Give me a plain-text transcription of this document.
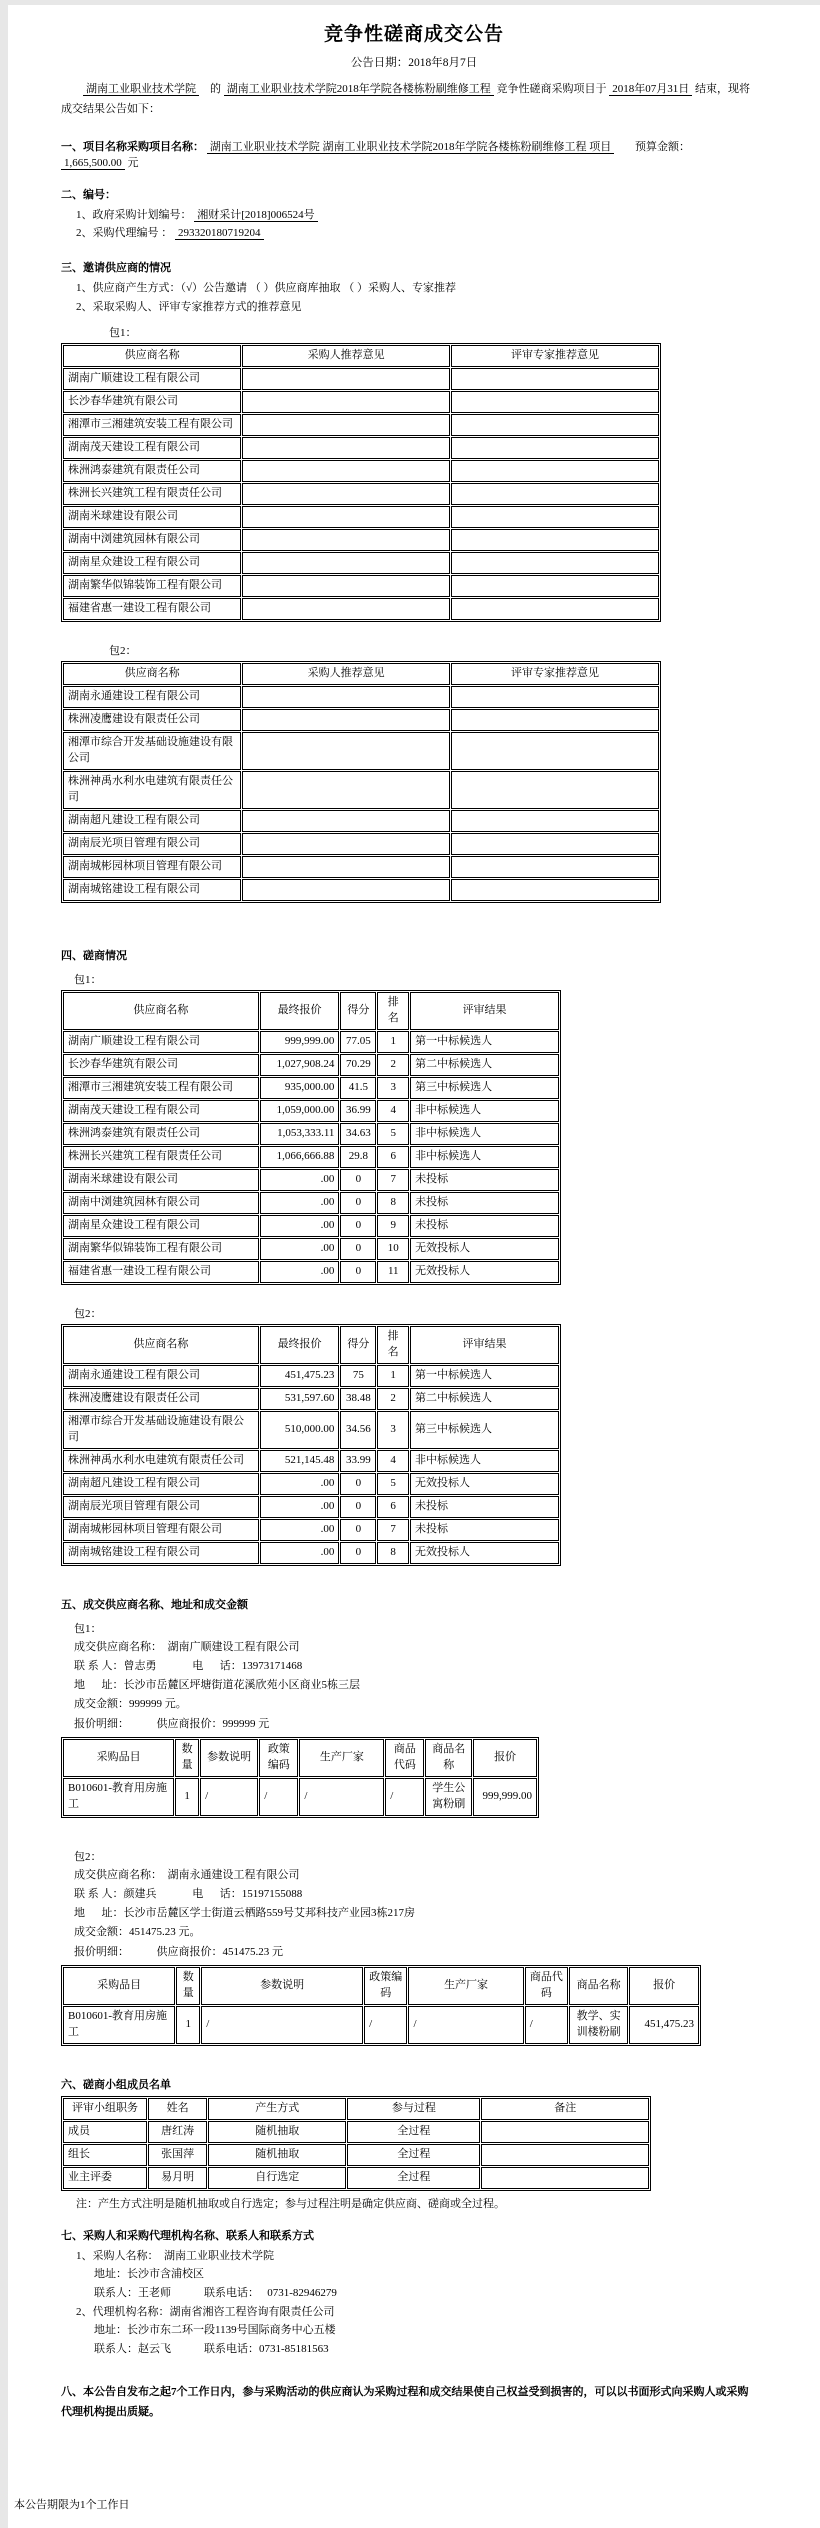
竞争性磋商成交公告
公告日期：2018年8月7日
湖南工业职业技术学院　的 湖南工业职业技术学院2018年学院各楼栋粉刷维修工程 竞争性磋商采购项目于 2018年07月31日 结束，现将成交结果公告如下：
一、项目名称采购项目名称： 湖南工业职业技术学院 湖南工业职业技术学院2018年学院各楼栋粉刷维修工程 项目 预算金额： 1,665,500.00 元
二、编号：
1、政府采购计划编号： 湘财采计[2018]006524号
2、采购代理编号 ： 293320180719204
三、邀请供应商的情况
1、供应商产生方式：（√）公告邀请 （ ）供应商库抽取 （ ）采购人、专家推荐
2、采取采购人、评审专家推荐方式的推荐意见
包1：
供应商名称	采购人推荐意见	评审专家推荐意见
湖南广顺建设工程有限公司		
长沙春华建筑有限公司		
湘潭市三湘建筑安装工程有限公司		
湖南茂天建设工程有限公司		
株洲鸿泰建筑有限责任公司		
株洲长兴建筑工程有限责任公司		
湖南米球建设有限公司		
湖南中浏建筑园林有限公司		
湖南星众建设工程有限公司		
湖南繁华似锦装饰工程有限公司		
福建省惠一建设工程有限公司		
包2：
供应商名称	采购人推荐意见	评审专家推荐意见
湖南永通建设工程有限公司		
株洲凌鹰建设有限责任公司		
湘潭市综合开发基础设施建设有限公司		
株洲神禹水利水电建筑有限责任公司		
湖南超凡建设工程有限公司		
湖南辰光项目管理有限公司		
湖南城彬园林项目管理有限公司		
湖南城铭建设工程有限公司		
四、磋商情况
包1：
供应商名称	最终报价	得分	排名	评审结果
湖南广顺建设工程有限公司	999,999.00	77.05	1	第一中标候选人
长沙春华建筑有限公司	1,027,908.24	70.29	2	第二中标候选人
湘潭市三湘建筑安装工程有限公司	935,000.00	41.5	3	第三中标候选人
湖南茂天建设工程有限公司	1,059,000.00	36.99	4	非中标候选人
株洲鸿泰建筑有限责任公司	1,053,333.11	34.63	5	非中标候选人
株洲长兴建筑工程有限责任公司	1,066,666.88	29.8	6	非中标候选人
湖南米球建设有限公司	.00	0	7	未投标
湖南中浏建筑园林有限公司	.00	0	8	未投标
湖南星众建设工程有限公司	.00	0	9	未投标
湖南繁华似锦装饰工程有限公司	.00	0	10	无效投标人
福建省惠一建设工程有限公司	.00	0	11	无效投标人
包2：
供应商名称	最终报价	得分	排名	评审结果
湖南永通建设工程有限公司	451,475.23	75	1	第一中标候选人
株洲凌鹰建设有限责任公司	531,597.60	38.48	2	第二中标候选人
湘潭市综合开发基础设施建设有限公司	510,000.00	34.56	3	第三中标候选人
株洲神禹水利水电建筑有限责任公司	521,145.48	33.99	4	非中标候选人
湖南超凡建设工程有限公司	.00	0	5	无效投标人
湖南辰光项目管理有限公司	.00	0	6	未投标
湖南城彬园林项目管理有限公司	.00	0	7	未投标
湖南城铭建设工程有限公司	.00	0	8	无效投标人
五、成交供应商名称、地址和成交金额
包1：
成交供应商名称：  湖南广顺建设工程有限公司
联 系 人：曾志勇             电      话：13973171468
地      址：长沙市岳麓区坪塘街道花溪欣苑小区商业5栋三层
成交金额：999999 元。
报价明细：          供应商报价：999999 元
采购品目	数量	参数说明	政策编码	生产厂家	商品代码	商品名称	报价
B010601-教育用房施工	1	/	/	/	/	学生公寓粉刷	999,999.00
包2：
成交供应商名称：  湖南永通建设工程有限公司
联 系 人：颜建兵             电      话：15197155088
地      址：长沙市岳麓区学士街道云栖路559号艾邦科技产业园3栋217房
成交金额：451475.23 元。
报价明细：          供应商报价：451475.23 元
采购品目	数量	参数说明	政策编码	生产厂家	商品代码	商品名称	报价
B010601-教育用房施工	1	/	/	/	/	教学、实训楼粉刷	451,475.23
六、磋商小组成员名单
评审小组职务	姓名	产生方式	参与过程	备注
成员	唐红涛	随机抽取	全过程	
组长	张国萍	随机抽取	全过程	
业主评委	易月明	自行选定	全过程	
注：产生方式注明是随机抽取或自行选定；参与过程注明是确定供应商、磋商或全过程。
七、采购人和采购代理机构名称、联系人和联系方式
1、采购人名称：  湖南工业职业技术学院
地址：长沙市含浦校区
联系人：王老师            联系电话：   0731-82946279
2、代理机构名称：湖南省湘咨工程咨询有限责任公司
地址：长沙市东二环一段1139号国际商务中心五楼
联系人：赵云飞            联系电话：0731-85181563
八、本公告自发布之起7个工作日内，参与采购活动的供应商认为采购过程和成交结果使自己权益受到损害的，可以以书面形式向采购人或采购代理机构提出质疑。
本公告期限为1个工作日
